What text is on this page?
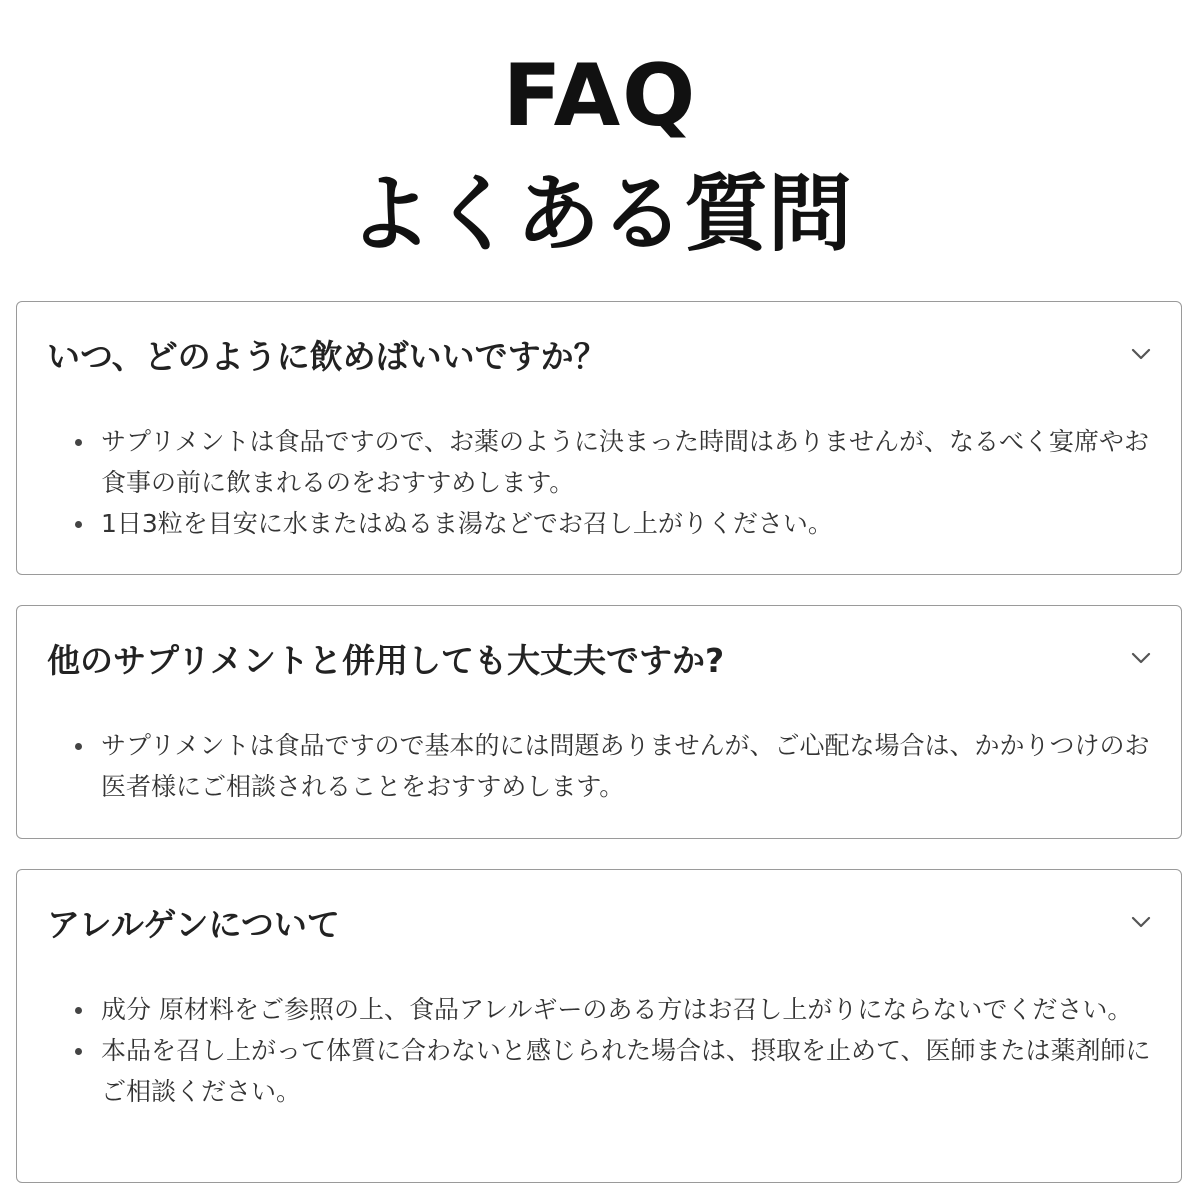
FAQ
よくある質問
いつ、どのように飲めばいいですか？
サプリメントは食品ですので、お薬のように決まった時間はありませんが、なるべく宴席やお食事の前に飲まれるのをおすすめします。
1日3粒を目安に水またはぬるま湯などでお召し上がりください。
他のサプリメントと併用しても大丈夫ですか?
サプリメントは食品ですので基本的には問題ありませんが、ご心配な場合は、かかりつけのお医者様にご相談されることをおすすめします。
アレルゲンについて
成分 原材料をご参照の上、食品アレルギーのある方はお召し上がりにならないでください。
本品を召し上がって体質に合わないと感じられた場合は、摂取を止めて、医師または薬剤師にご相談ください。
